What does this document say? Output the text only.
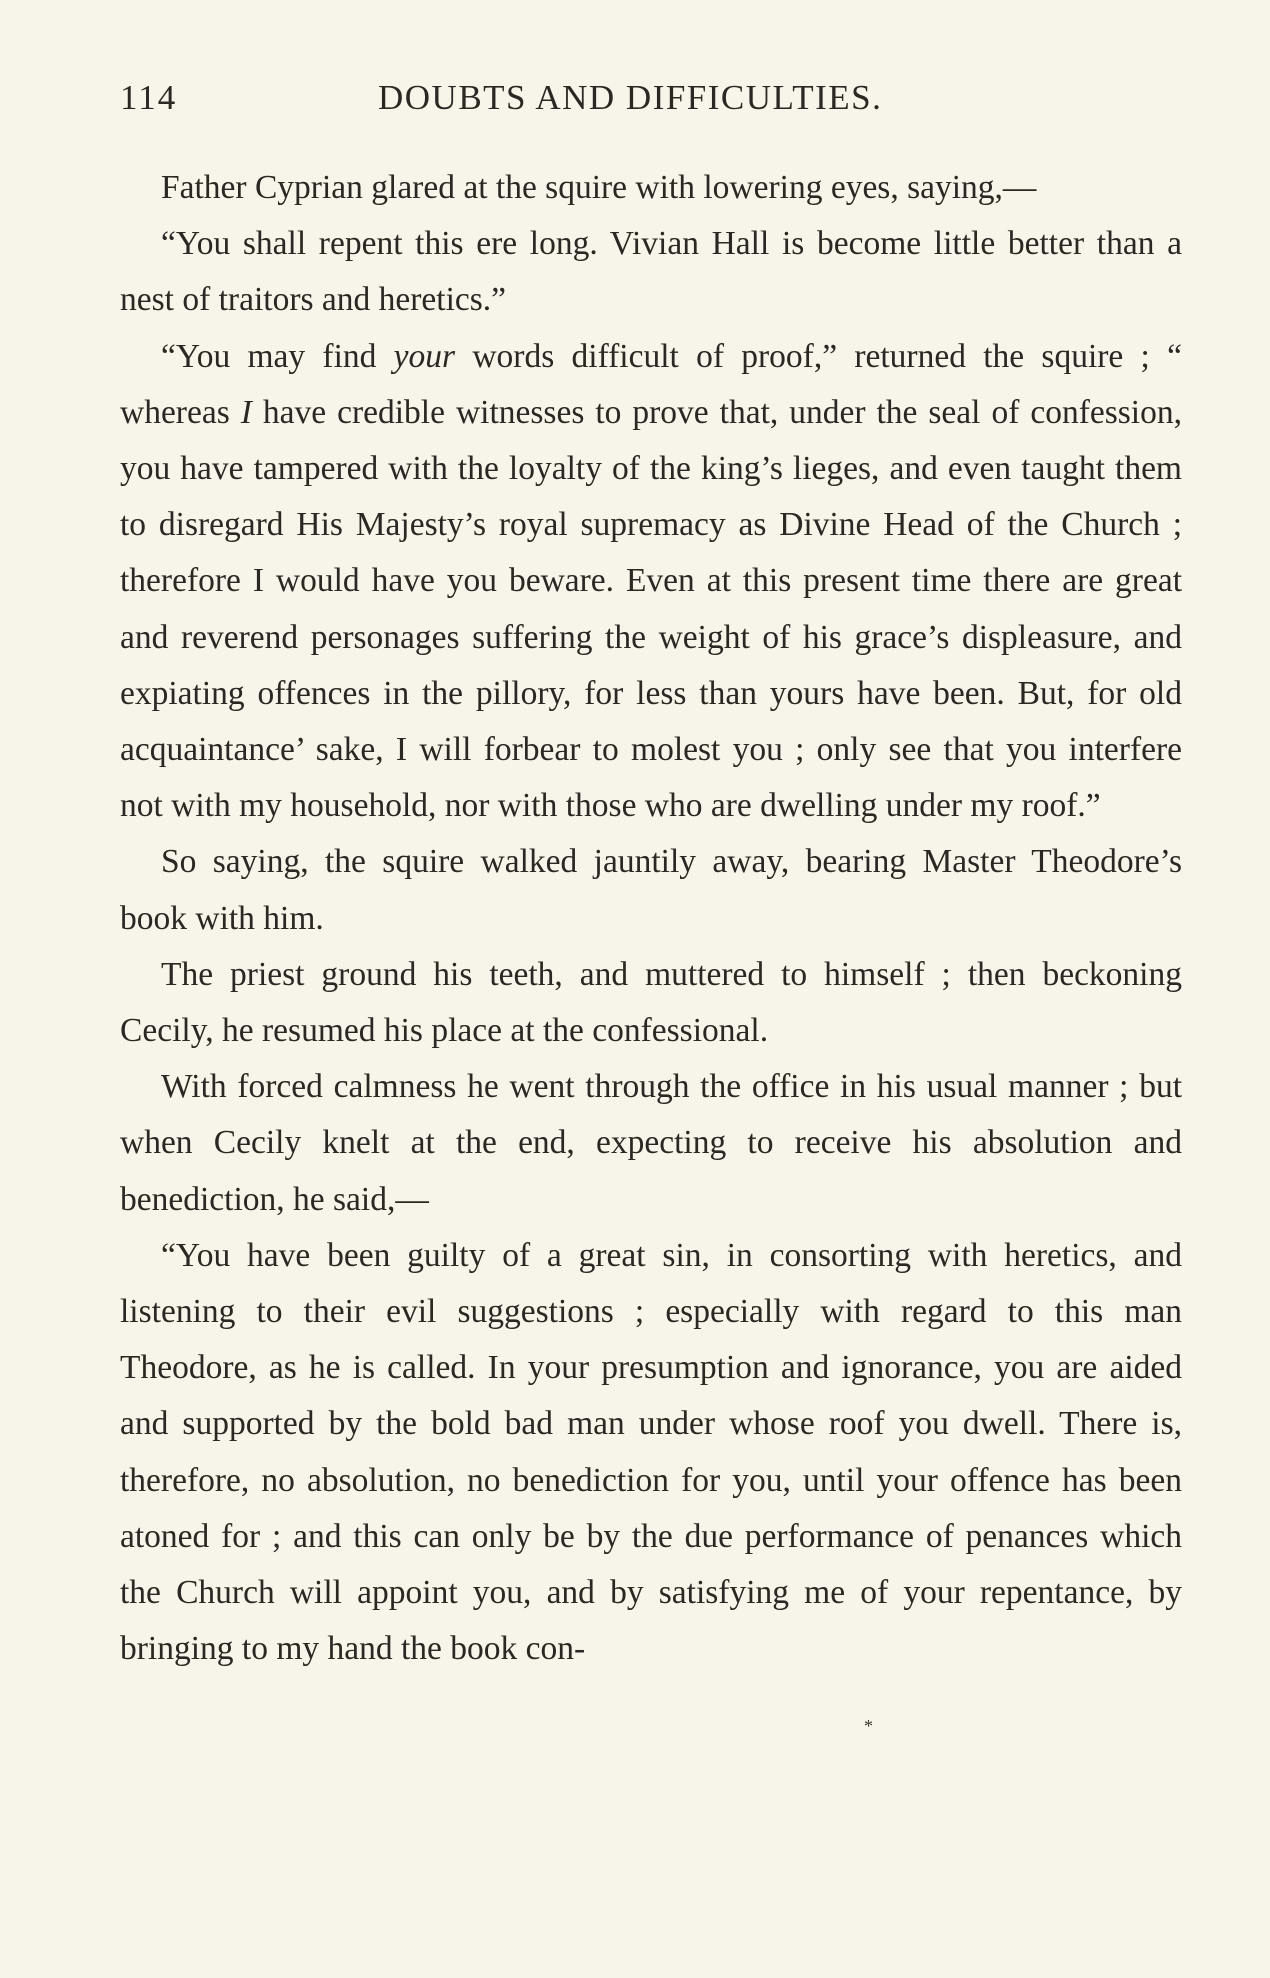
114	DOUBTS AND DIFFICULTIES.

Father Cyprian glared at the squire with lowering eyes, saying,—

“You shall repent this ere long. Vivian Hall is become little better than a nest of traitors and heretics.”

“You may find your words difficult of proof,” returned the squire ; “ whereas I have credible witnesses to prove that, under the seal of confession, you have tampered with the loyalty of the king’s lieges, and even taught them to disregard His Majesty’s royal supremacy as Divine Head of the Church ; therefore I would have you beware. Even at this present time there are great and reverend personages suffering the weight of his grace’s displeasure, and expiating offences in the pillory, for less than yours have been. But, for old acquaintance’ sake, I will forbear to molest you ; only see that you interfere not with my household, nor with those who are dwelling under my roof.”

So saying, the squire walked jauntily away, bearing Master Theodore’s book with him.

The priest ground his teeth, and muttered to himself ; then beckoning Cecily, he resumed his place at the confessional.

With forced calmness he went through the office in his usual manner ; but when Cecily knelt at the end, expecting to receive his absolution and benediction, he said,—

“You have been guilty of a great sin, in consorting with heretics, and listening to their evil suggestions ; especially with regard to this man Theodore, as he is called. In your presumption and ignorance, you are aided and supported by the bold bad man under whose roof you dwell. There is, therefore, no absolution, no benediction for you, until your offence has been atoned for ; and this can only be by the due performance of penances which the Church will appoint you, and by satisfying me of your repentance, by bringing to my hand the book con-

*
